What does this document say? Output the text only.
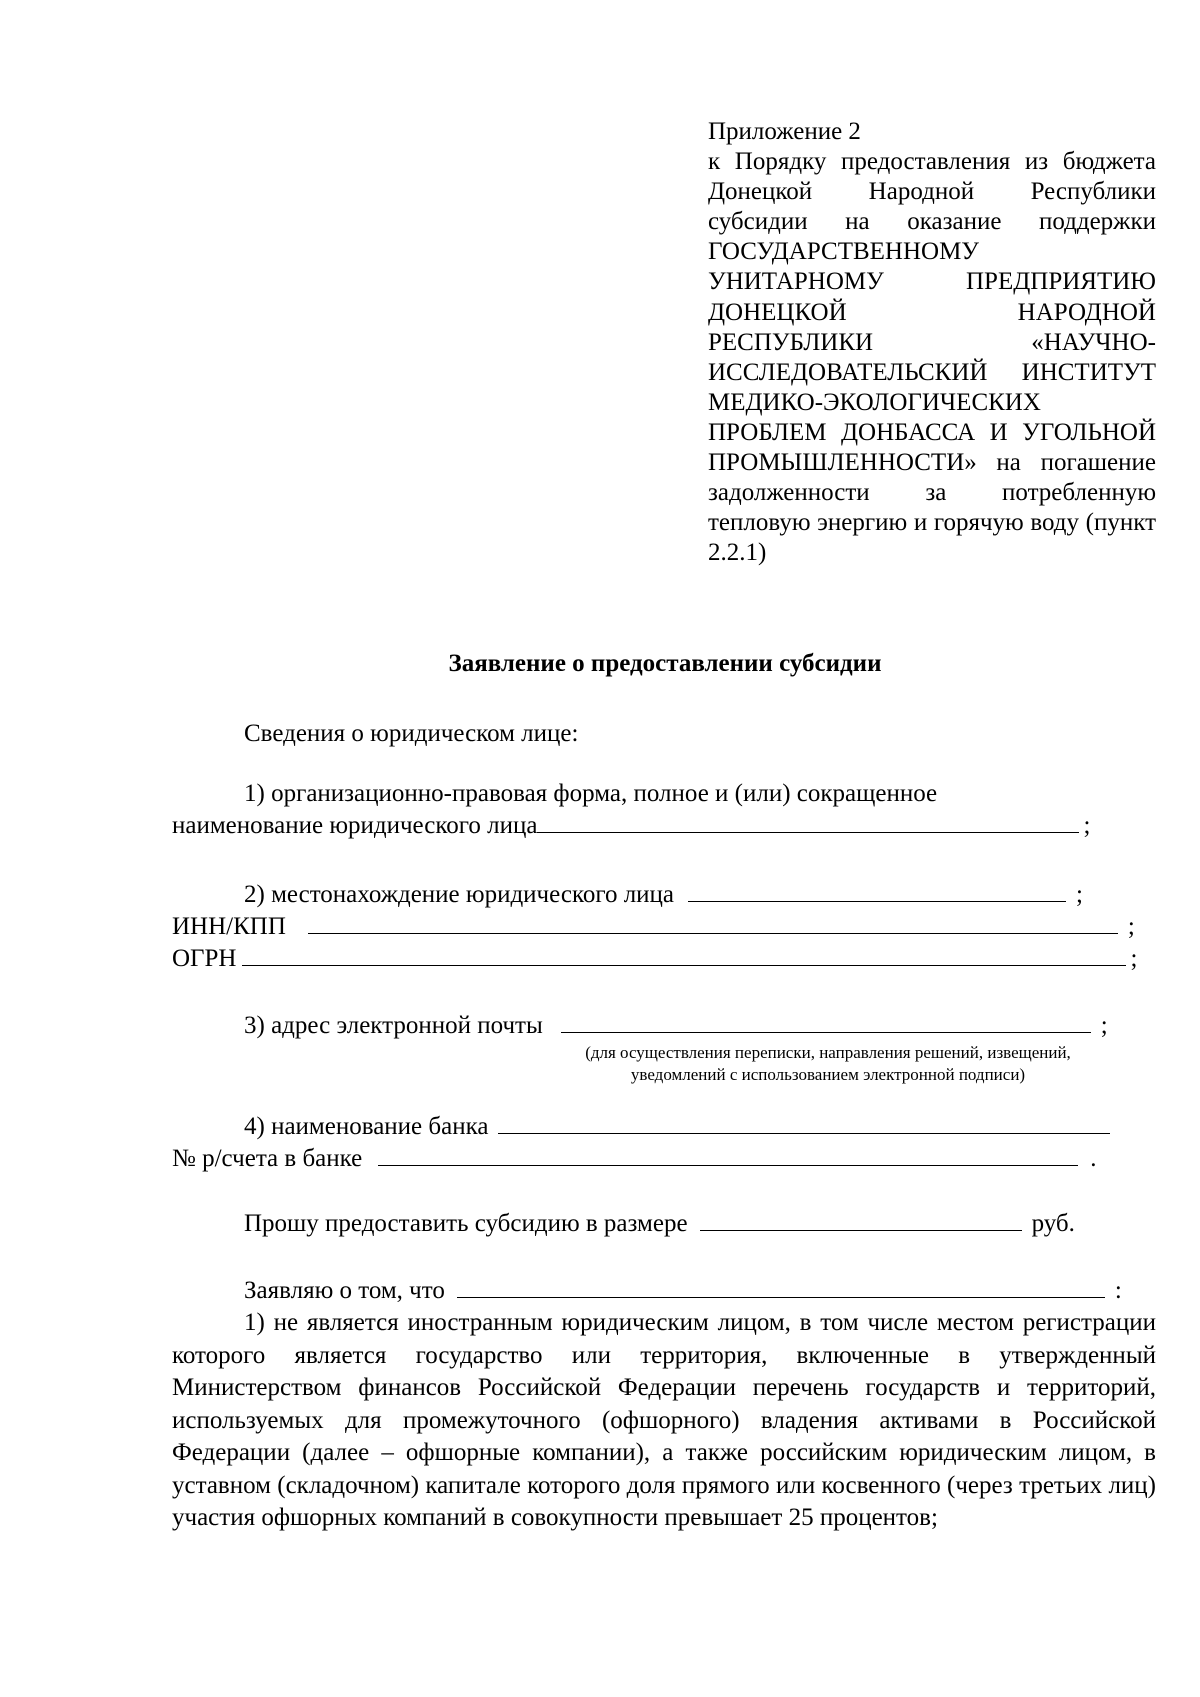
Приложение 2
к Порядку предоставления из бюджета Донецкой Народной Республики субсидии на оказание поддержки ГОСУДАРСТВЕННОМУ УНИТАРНОМУ ПРЕДПРИЯТИЮ ДОНЕЦКОЙ НАРОДНОЙ РЕСПУБЛИКИ «НАУЧНО-ИССЛЕДОВАТЕЛЬСКИЙ ИНСТИТУТ МЕДИКО-ЭКОЛОГИЧЕСКИХ ПРОБЛЕМ ДОНБАССА И УГОЛЬНОЙ ПРОМЫШЛЕННОСТИ» на погашение задолженности за потребленную тепловую энергию и горячую воду (пункт 2.2.1)
Заявление о предоставлении субсидии
Сведения о юридическом лице:
1) организационно-правовая форма, полное и (или) сокращенное
наименование юридического лица	;
2) местонахождение юридического лица	;
ИНН/КПП	;
ОГРН	;
3) адрес электронной почты	;
(для осуществления переписки, направления решений, извещений,
уведомлений с использованием электронной подписи)
4) наименование банка
№ р/счета в банке	.
Прошу предоставить субсидию в размере	руб.
Заявляю о том, что	:
1) не является иностранным юридическим лицом, в том числе местом регистрации которого является государство или территория, включенные в утвержденный Министерством финансов Российской Федерации перечень государств и территорий, используемых для промежуточного (офшорного) владения активами в Российской Федерации (далее – офшорные компании), а также российским юридическим лицом, в уставном (складочном) капитале которого доля прямого или косвенного (через третьих лиц) участия офшорных компаний в совокупности превышает 25 процентов;
